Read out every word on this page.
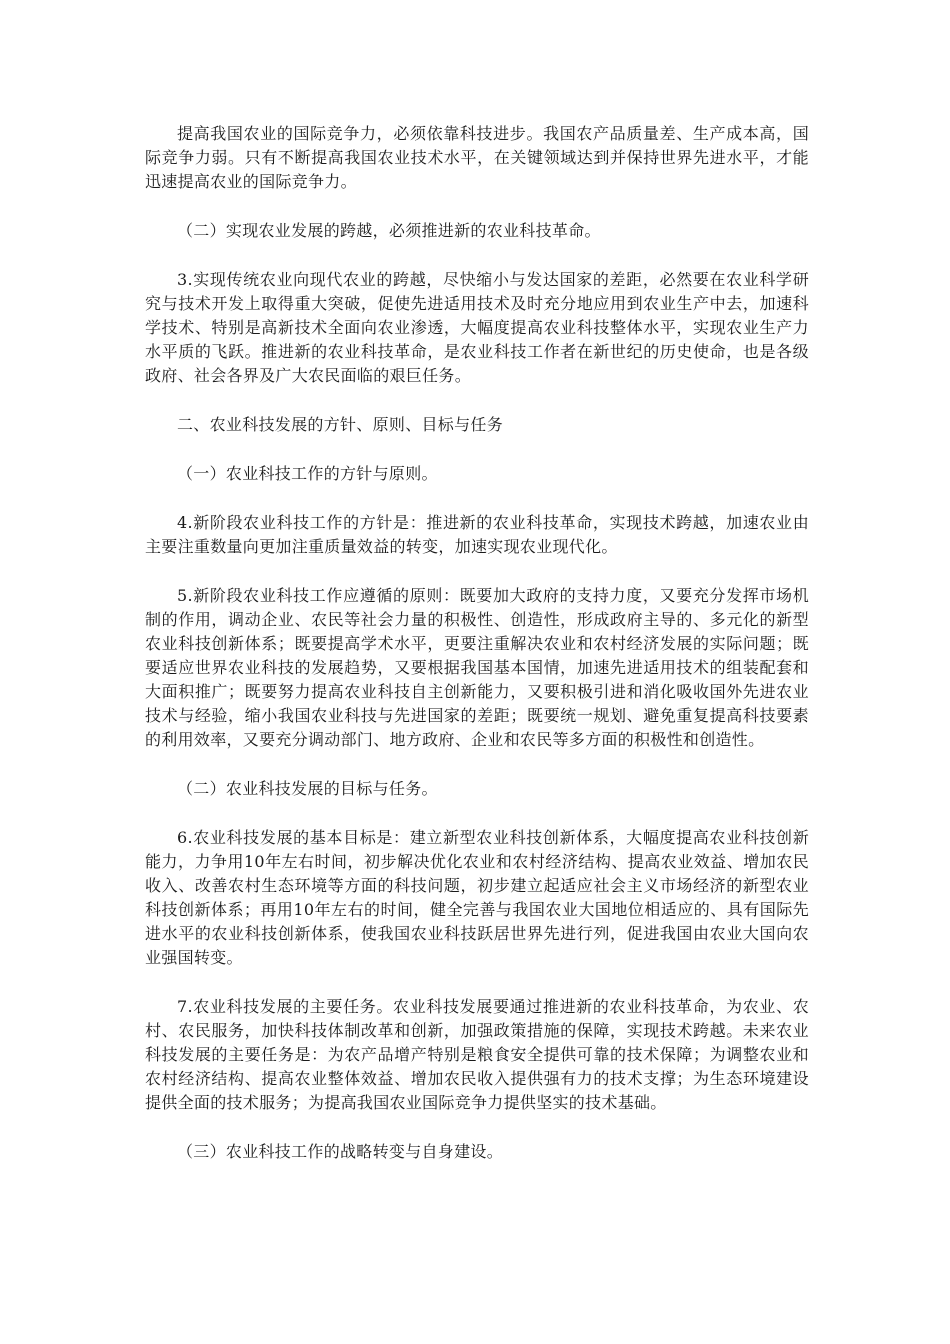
提高我国农业的国际竞争力，必须依靠科技进步。我国农产品质量差、生产成本高，国际竞争力弱。只有不断提高我国农业技术水平，在关键领域达到并保持世界先进水平，才能迅速提高农业的国际竞争力。

（二）实现农业发展的跨越，必须推进新的农业科技革命。

3.实现传统农业向现代农业的跨越，尽快缩小与发达国家的差距，必然要在农业科学研究与技术开发上取得重大突破，促使先进适用技术及时充分地应用到农业生产中去，加速科学技术、特别是高新技术全面向农业渗透，大幅度提高农业科技整体水平，实现农业生产力水平质的飞跃。推进新的农业科技革命，是农业科技工作者在新世纪的历史使命，也是各级政府、社会各界及广大农民面临的艰巨任务。

二、农业科技发展的方针、原则、目标与任务

（一）农业科技工作的方针与原则。

4.新阶段农业科技工作的方针是：推进新的农业科技革命，实现技术跨越，加速农业由主要注重数量向更加注重质量效益的转变，加速实现农业现代化。

5.新阶段农业科技工作应遵循的原则：既要加大政府的支持力度，又要充分发挥市场机制的作用，调动企业、农民等社会力量的积极性、创造性，形成政府主导的、多元化的新型农业科技创新体系；既要提高学术水平，更要注重解决农业和农村经济发展的实际问题；既要适应世界农业科技的发展趋势，又要根据我国基本国情，加速先进适用技术的组装配套和大面积推广；既要努力提高农业科技自主创新能力，又要积极引进和消化吸收国外先进农业技术与经验，缩小我国农业科技与先进国家的差距；既要统一规划、避免重复提高科技要素的利用效率，又要充分调动部门、地方政府、企业和农民等多方面的积极性和创造性。

（二）农业科技发展的目标与任务。

6.农业科技发展的基本目标是：建立新型农业科技创新体系，大幅度提高农业科技创新能力，力争用10年左右时间，初步解决优化农业和农村经济结构、提高农业效益、增加农民收入、改善农村生态环境等方面的科技问题，初步建立起适应社会主义市场经济的新型农业科技创新体系；再用10年左右的时间，健全完善与我国农业大国地位相适应的、具有国际先进水平的农业科技创新体系，使我国农业科技跃居世界先进行列，促进我国由农业大国向农业强国转变。

7.农业科技发展的主要任务。农业科技发展要通过推进新的农业科技革命，为农业、农村、农民服务，加快科技体制改革和创新，加强政策措施的保障，实现技术跨越。未来农业科技发展的主要任务是：为农产品增产特别是粮食安全提供可靠的技术保障；为调整农业和农村经济结构、提高农业整体效益、增加农民收入提供强有力的技术支撑；为生态环境建设提供全面的技术服务；为提高我国农业国际竞争力提供坚实的技术基础。

（三）农业科技工作的战略转变与自身建设。
